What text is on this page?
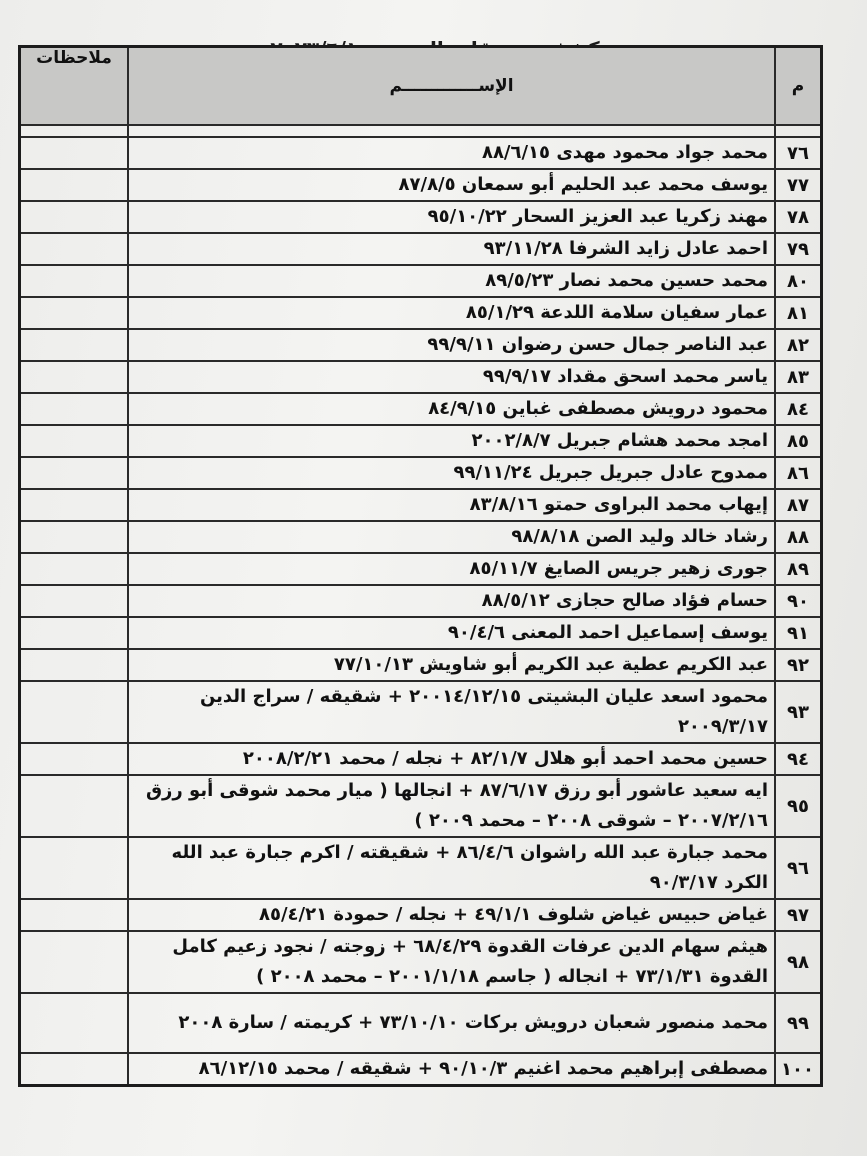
م	الإســـــــــــــم	ملاحظات

٧٦	محمد جواد محمود مهدى ٨٨/٦/١٥	
٧٧	يوسف محمد عبد الحليم أبو سمعان ٨٧/٨/٥	
٧٨	مهند زكريا عبد العزيز السحار ٩٥/١٠/٢٢	
٧٩	احمد عادل زايد الشرفا ٩٣/١١/٢٨	
٨٠	محمد حسين محمد نصار ٨٩/٥/٢٣	
٨١	عمار سفيان سلامة اللدعة ٨٥/١/٢٩	
٨٢	عبد الناصر جمال حسن رضوان ٩٩/٩/١١	
٨٣	ياسر محمد اسحق مقداد ٩٩/٩/١٧	
٨٤	محمود درويش مصطفى غباين ٨٤/٩/١٥	
٨٥	امجد محمد هشام جبريل ٢٠٠٢/٨/٧	
٨٦	ممدوح عادل جبريل جبريل ٩٩/١١/٢٤	
٨٧	إيهاب محمد البراوى حمتو ٨٣/٨/١٦	
٨٨	رشاد خالد وليد الصن ٩٨/٨/١٨	
٨٩	جورى زهير جريس الصايغ ٨٥/١١/٧	
٩٠	حسام فؤاد صالح حجازى ٨٨/٥/١٢	
٩١	يوسف إسماعيل احمد المعنى ٩٠/٤/٦	
٩٢	عبد الكريم عطية عبد الكريم أبو شاويش ٧٧/١٠/١٣	
٩٣	محمود اسعد عليان البشيتى ٢٠٠١٤/١٢/١٥ + شقيقه / سراج الدين ٢٠٠٩/٣/١٧	
٩٤	حسين محمد احمد أبو هلال ٨٢/١/٧ + نجله / محمد ٢٠٠٨/٢/٢١	
٩٥	ايه سعيد عاشور أبو رزق ٨٧/٦/١٧ + انجالها ( ميار محمد شوقى أبو رزق ٢٠٠٧/٢/١٦ – شوقى ٢٠٠٨ – محمد ٢٠٠٩ )	
٩٦	محمد جبارة عبد الله راشوان ٨٦/٤/٦ + شقيقته / اكرم جبارة عبد الله الكرد ٩٠/٣/١٧	
٩٧	غياض حبيس غياض شلوف ٤٩/١/١ + نجله / حمودة ٨٥/٤/٢١	
٩٨	هيثم سهام الدين عرفات القدوة ٦٨/٤/٢٩ + زوجته / نجود زعيم كامل القدوة ٧٣/١/٣١ + انجاله ( جاسم ٢٠٠١/١/١٨ – محمد ٢٠٠٨ )	
٩٩	محمد منصور شعبان درويش بركات ٧٣/١٠/١٠ + كريمته / سارة ٢٠٠٨	
١٠٠	مصطفى إبراهيم محمد اغنيم ٩٠/١٠/٣ + شقيقه / محمد ٨٦/١٢/١٥	
